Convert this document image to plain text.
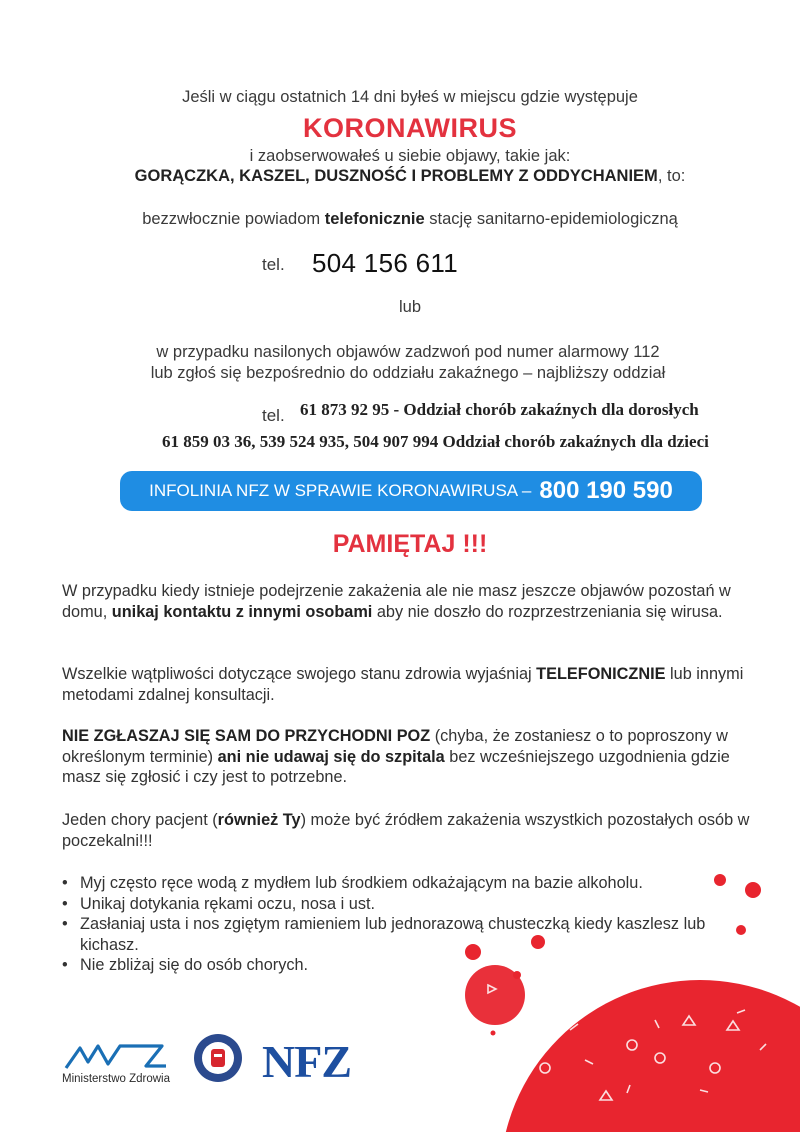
Jeśli w ciągu ostatnich 14 dni byłeś w miejscu gdzie występuje
KORONAWIRUS
i zaobserwowałeś u siebie objawy, takie jak:
GORĄCZKA, KASZEL, DUSZNOŚĆ I PROBLEMY Z ODDYCHANIEM, to:
bezzwłocznie powiadom telefonicznie stację sanitarno-epidemiologiczną
tel. 504 156 611
lub
w przypadku nasilonych objawów zadzwoń pod numer alarmowy 112
lub zgłoś się bezpośrednio do oddziału zakaźnego – najbliższy oddział
tel. 61 873 92 95 - Oddział chorób zakaźnych dla dorosłych
61 859 03 36, 539 524 935, 504 907 994 Oddział chorób zakaźnych dla dzieci
INFOLINIA NFZ W SPRAWIE KORONAWIRUSA – 800 190 590
PAMIĘTAJ !!!
W przypadku kiedy istnieje podejrzenie zakażenia ale nie masz jeszcze objawów pozostań w domu, unikaj kontaktu z innymi osobami aby nie doszło do rozprzestrzeniania się wirusa.
Wszelkie wątpliwości dotyczące swojego stanu zdrowia wyjaśniaj TELEFONICZNIE lub innymi metodami zdalnej konsultacji.
NIE ZGŁASZAJ SIĘ SAM DO PRZYCHODNI POZ (chyba, że zostaniesz o to poproszony w określonym terminie) ani nie udawaj się do szpitala bez wcześniejszego uzgodnienia gdzie masz się zgłosić i czy jest to potrzebne.
Jeden chory pacjent (również Ty) może być źródłem zakażenia wszystkich pozostałych osób w poczekalni!!!
• Myj często ręce wodą z mydłem lub środkiem odkażającym na bazie alkoholu.
• Unikaj dotykania rękami oczu, nosa i ust.
• Zasłaniaj usta i nos zgiętym ramieniem lub jednorazową chusteczką kiedy kaszlesz lub kichasz.
• Nie zbliżaj się do osób chorych.
Ministerstwo Zdrowia NFZ
